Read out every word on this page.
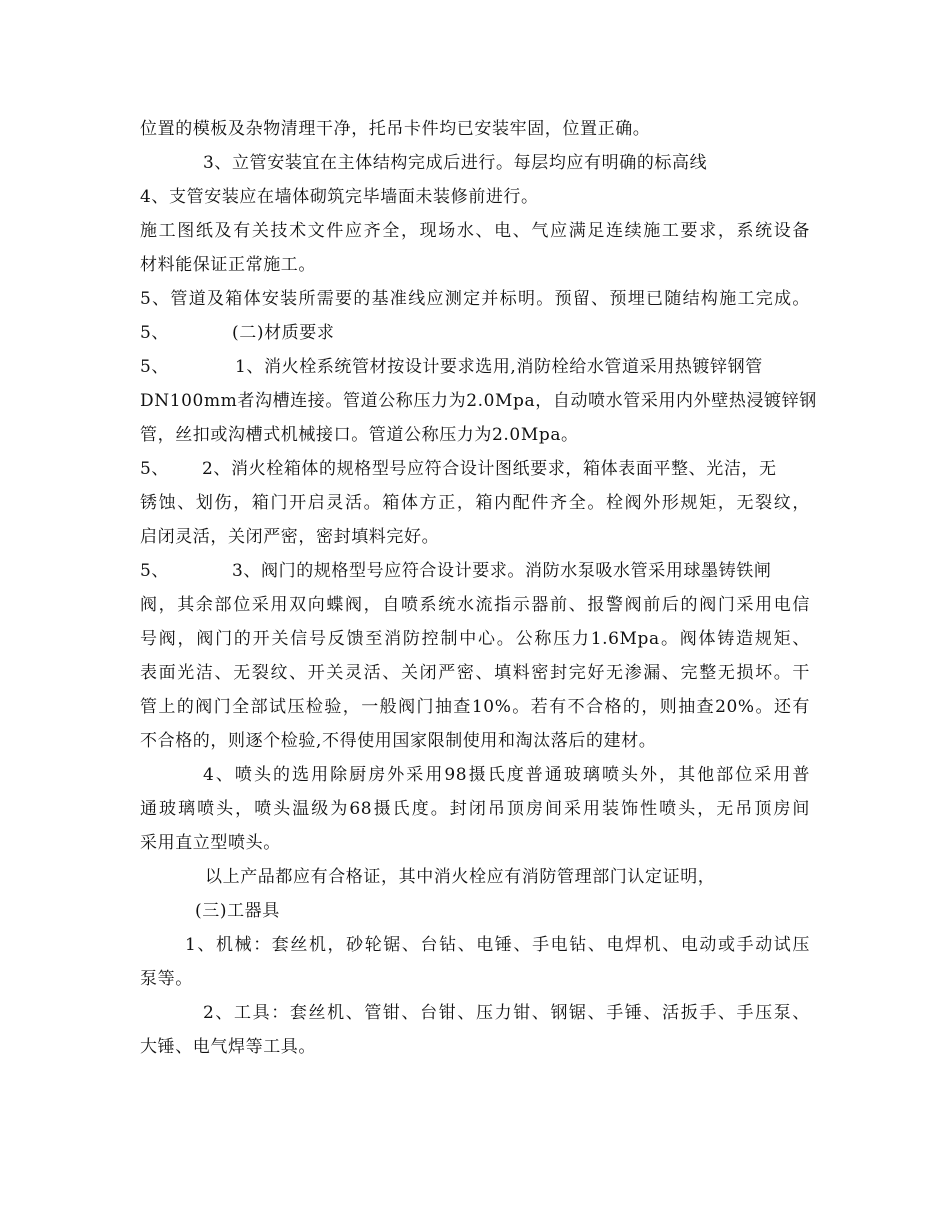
位置的模板及杂物清理干净，托吊卡件均已安装牢固，位置正确。
3、立管安装宜在主体结构完成后进行。每层均应有明确的标高线
4、支管安装应在墙体砌筑完毕墙面未装修前进行。
施工图纸及有关技术文件应齐全，现场水、电、气应满足连续施工要求，系统设备
材料能保证正常施工。
5、管道及箱体安装所需要的基准线应测定并标明。预留、预埋已随结构施工完成。
5、	(二)材质要求
5、	1、消火栓系统管材按设计要求选用,消防栓给水管道采用热镀锌钢管
DN100mm者沟槽连接。管道公称压力为2.0Mpa，自动喷水管采用内外壁热浸镀锌钢
管，丝扣或沟槽式机械接口。管道公称压力为2.0Mpa。
5、 2、消火栓箱体的规格型号应符合设计图纸要求，箱体表面平整、光洁，无
锈蚀、划伤，箱门开启灵活。箱体方正，箱内配件齐全。栓阀外形规矩，无裂纹，
启闭灵活，关闭严密，密封填料完好。
5、	3、阀门的规格型号应符合设计要求。消防水泵吸水管采用球墨铸铁闸
阀，其余部位采用双向蝶阀，自喷系统水流指示器前、报警阀前后的阀门采用电信
号阀，阀门的开关信号反馈至消防控制中心。公称压力1.6Mpa。阀体铸造规矩、
表面光洁、无裂纹、开关灵活、关闭严密、填料密封完好无渗漏、完整无损坏。干
管上的阀门全部试压检验，一般阀门抽查10%。若有不合格的，则抽查20%。还有
不合格的，则逐个检验,不得使用国家限制使用和淘汰落后的建材。
4、喷头的选用除厨房外采用98摄氏度普通玻璃喷头外，其他部位采用普
通玻璃喷头，喷头温级为68摄氏度。封闭吊顶房间采用装饰性喷头，无吊顶房间
采用直立型喷头。
以上产品都应有合格证，其中消火栓应有消防管理部门认定证明，
(三)工器具
1、机械：套丝机，砂轮锯、台钻、电锤、手电钻、电焊机、电动或手动试压
泵等。
2、工具：套丝机、管钳、台钳、压力钳、钢锯、手锤、活扳手、手压泵、
大锤、电气焊等工具。
